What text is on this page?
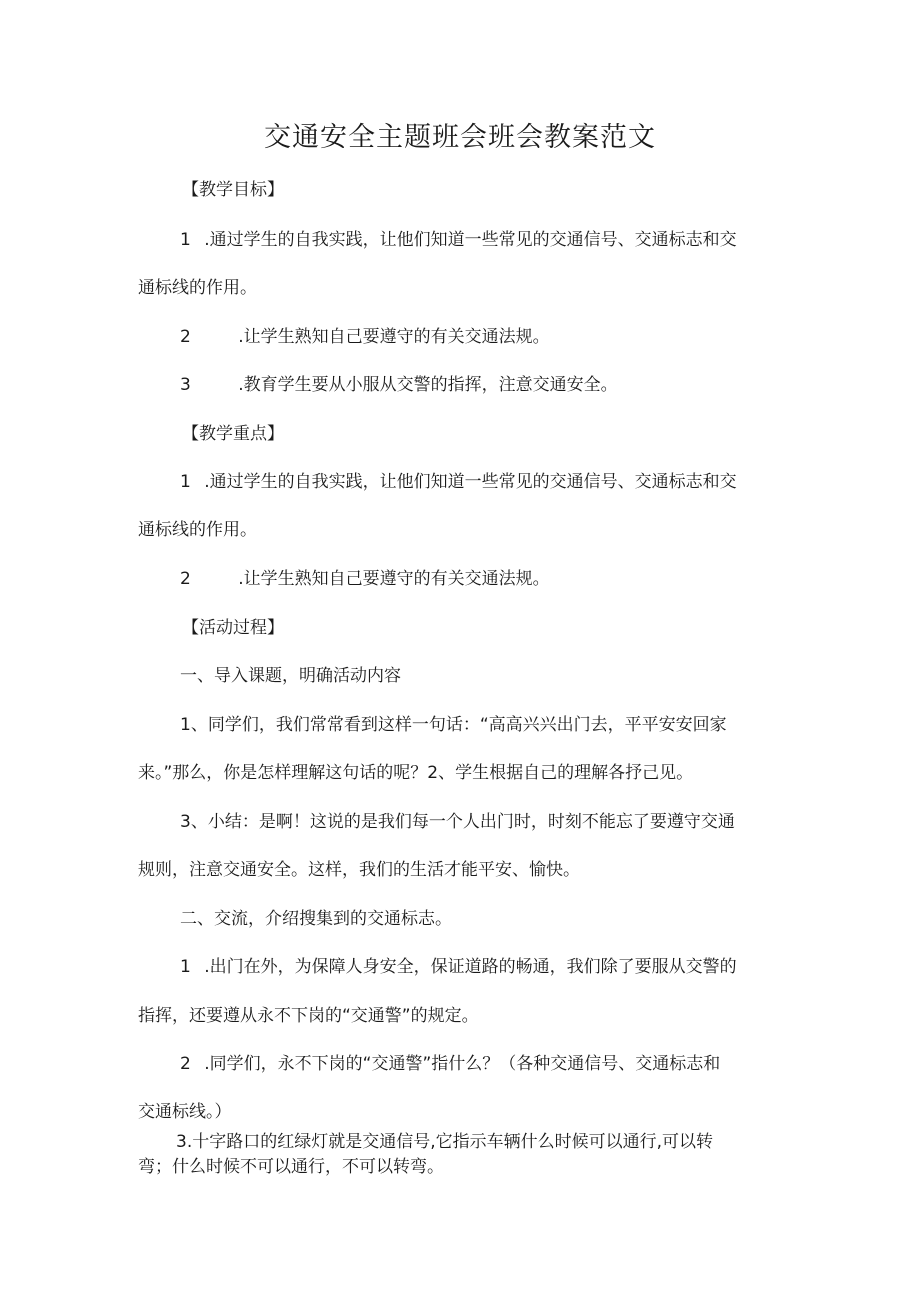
交通安全主题班会班会教案范文
【教学目标】
1 .通过学生的自我实践，让他们知道一些常见的交通信号、交通标志和交
通标线的作用。
2	.让学生熟知自己要遵守的有关交通法规。
3	.教育学生要从小服从交警的指挥，注意交通安全。
【教学重点】
1 .通过学生的自我实践，让他们知道一些常见的交通信号、交通标志和交
通标线的作用。
2	.让学生熟知自己要遵守的有关交通法规。
【活动过程】
一、导入课题，明确活动内容
1、同学们，我们常常看到这样一句话：“高高兴兴出门去，平平安安回家
来。”那么，你是怎样理解这句话的呢？2、学生根据自己的理解各抒己见。
3、小结：是啊！这说的是我们每一个人出门时，时刻不能忘了要遵守交通
规则，注意交通安全。这样，我们的生活才能平安、愉快。
二、交流，介绍搜集到的交通标志。
1 .出门在外，为保障人身安全，保证道路的畅通，我们除了要服从交警的
指挥，还要遵从永不下岗的“交通警”的规定。
2 .同学们，永不下岗的“交通警”指什么？（各种交通信号、交通标志和
交通标线。）
3.十字路口的红绿灯就是交通信号,它指示车辆什么时候可以通行,可以转
弯；什么时候不可以通行，不可以转弯。
